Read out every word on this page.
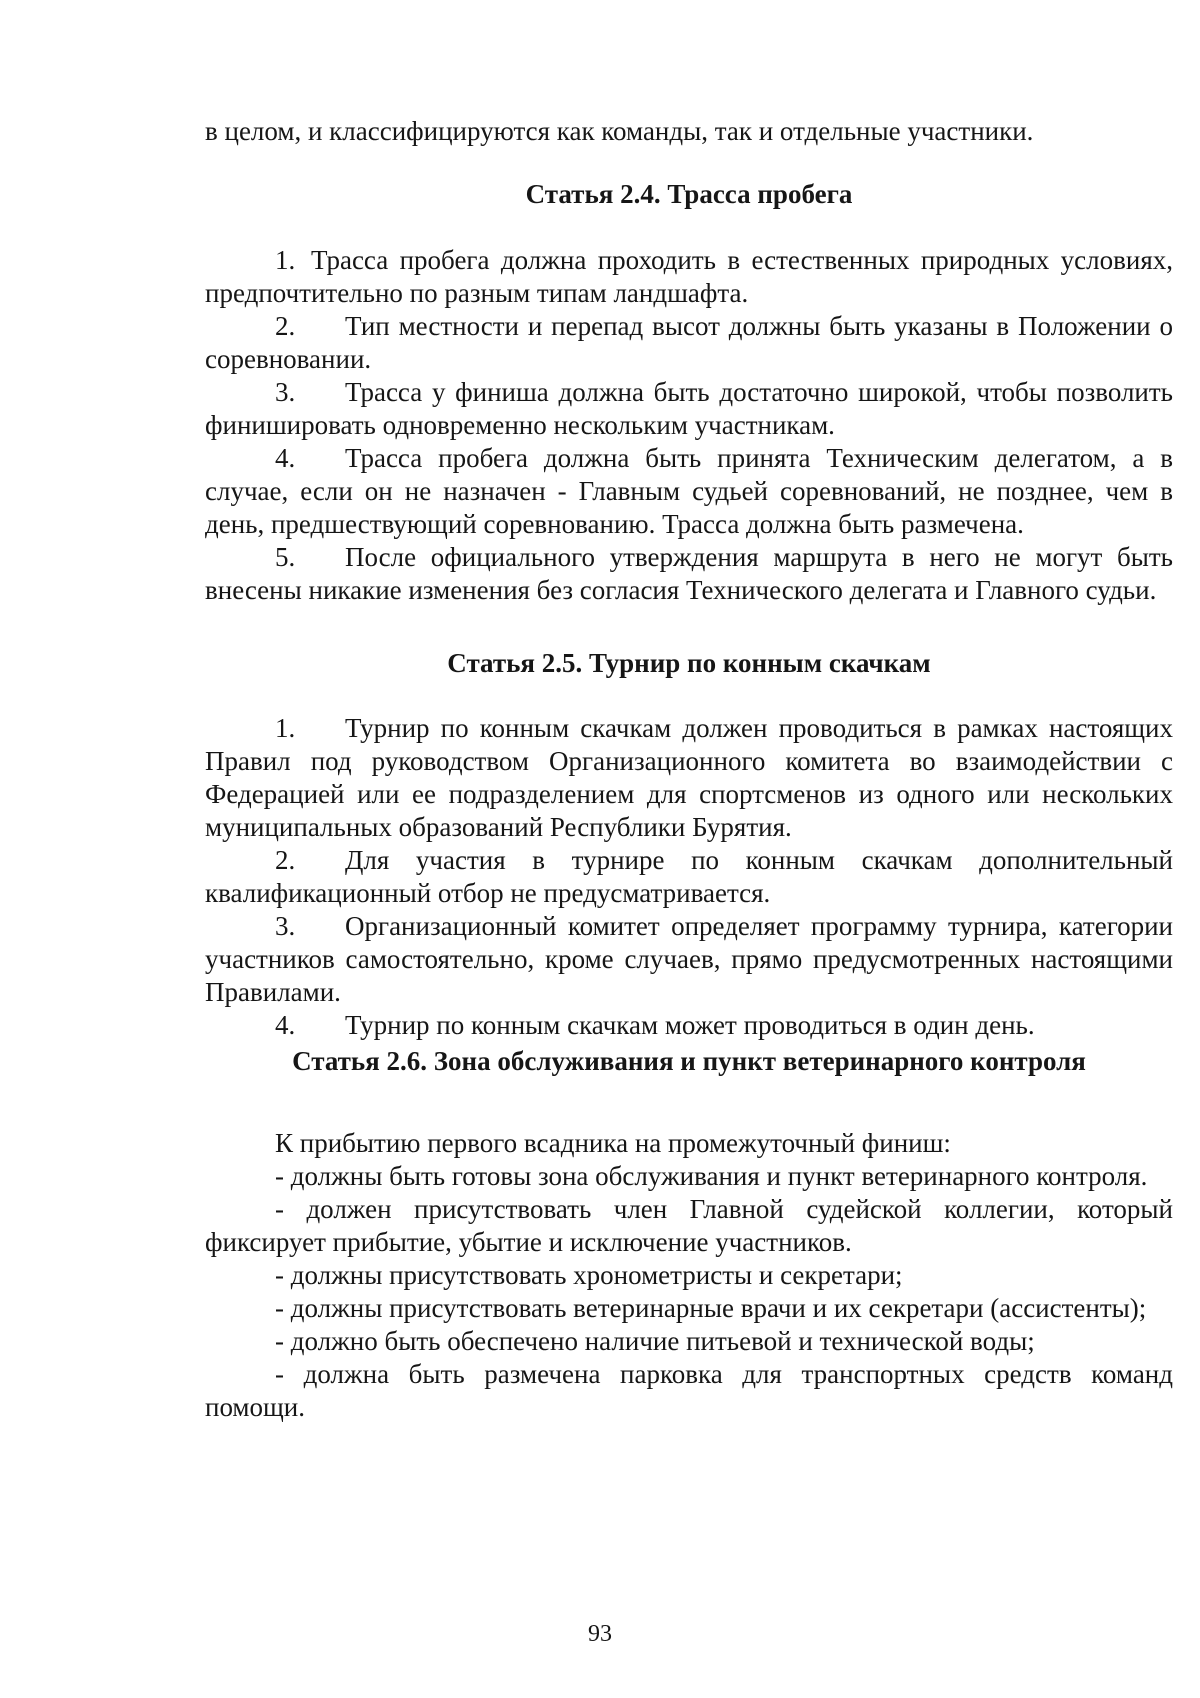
в целом, и классифицируются как команды, так и отдельные участники.

Статья 2.4. Трасса пробега

1. Трасса пробега должна проходить в естественных природных условиях, предпочтительно по разным типам ландшафта.

2. Тип местности и перепад высот должны быть указаны в Положении о соревновании.

3. Трасса у финиша должна быть достаточно широкой, чтобы позволить финишировать одновременно нескольким участникам.

4. Трасса пробега должна быть принята Техническим делегатом, а в случае, если он не назначен - Главным судьей соревнований, не позднее, чем в день, предшествующий соревнованию. Трасса должна быть размечена.

5. После официального утверждения маршрута в него не могут быть внесены никакие изменения без согласия Технического делегата и Главного судьи.

Статья 2.5. Турнир по конным скачкам

1. Турнир по конным скачкам должен проводиться в рамках настоящих Правил под руководством Организационного комитета во взаимодействии с Федерацией или ее подразделением для спортсменов из одного или нескольких муниципальных образований Республики Бурятия.

2. Для участия в турнире по конным скачкам дополнительный квалификационный отбор не предусматривается.

3. Организационный комитет определяет программу турнира, категории участников самостоятельно, кроме случаев, прямо предусмотренных настоящими Правилами.

4. Турнир по конным скачкам может проводиться в один день.

Статья 2.6. Зона обслуживания и пункт ветеринарного контроля

К прибытию первого всадника на промежуточный финиш:

- должны быть готовы зона обслуживания и пункт ветеринарного контроля.

- должен присутствовать член Главной судейской коллегии, который фиксирует прибытие, убытие и исключение участников.

- должны присутствовать хронометристы и секретари;

- должны присутствовать ветеринарные врачи и их секретари (ассистенты);

- должно быть обеспечено наличие питьевой и технической воды;

- должна быть размечена парковка для транспортных средств команд помощи.

93
